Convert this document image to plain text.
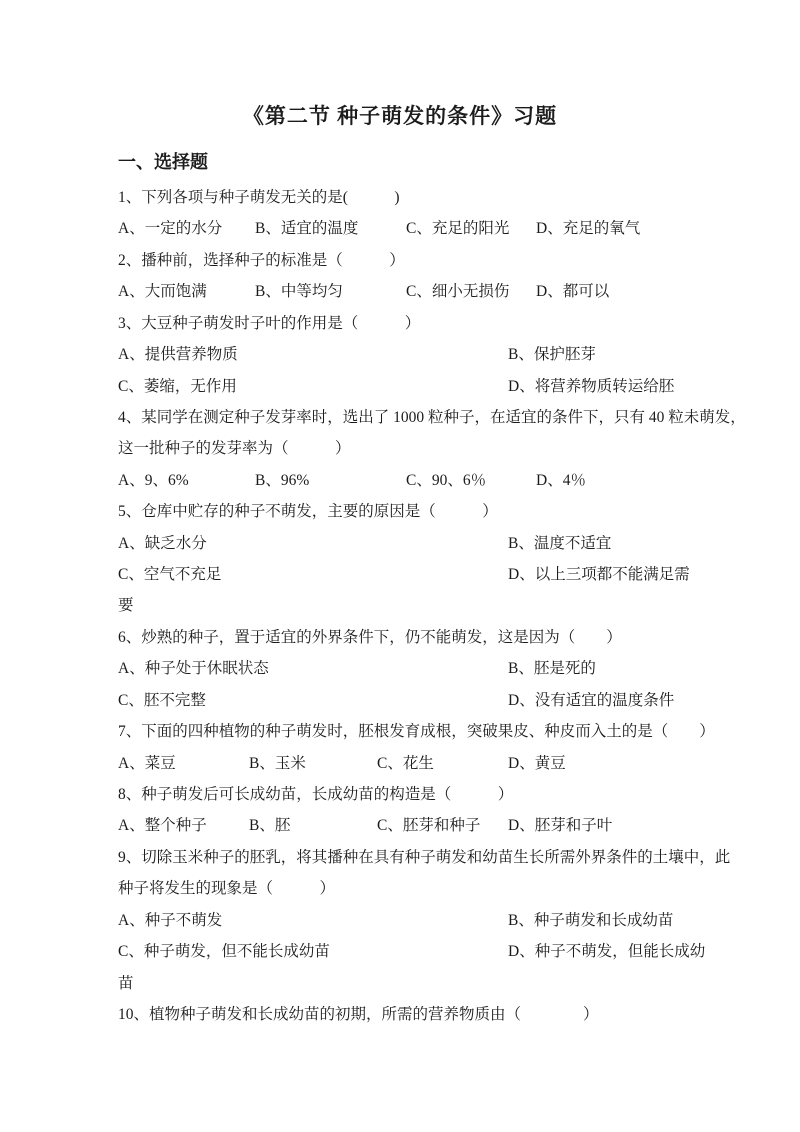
《第二节 种子萌发的条件》习题
一、选择题
1、下列各项与种子萌发无关的是(　　　)
A、一定的水分 B、适宜的温度	C、充足的阳光 D、充足的氧气
2、播种前，选择种子的标准是（　　　）
A、大而饱满	B、中等均匀	C、细小无损伤 D、都可以
3、大豆种子萌发时子叶的作用是（　　　）
A、提供营养物质	B、保护胚芽
C、萎缩，无作用	D、将营养物质转运给胚
4、某同学在测定种子发芽率时，选出了 1000 粒种子，在适宜的条件下，只有 40 粒未萌发，
这一批种子的发芽率为（　　　）
A、9、6%	B、96%	C、90、6％	D、4％
5、仓库中贮存的种子不萌发，主要的原因是（　　　）
A、缺乏水分	B、温度不适宜
C、空气不充足	D、以上三项都不能满足需
要
6、炒熟的种子，置于适宜的外界条件下，仍不能萌发，这是因为（　　）
A、种子处于休眠状态	B、胚是死的
C、胚不完整	D、没有适宜的温度条件
7、下面的四种植物的种子萌发时，胚根发育成根，突破果皮、种皮而入土的是（　　）
A、菜豆	B、玉米	C、花生	D、黄豆
8、种子萌发后可长成幼苗，长成幼苗的构造是（　　　）
A、整个种子	B、胚	C、胚芽和种子 D、胚芽和子叶
9、切除玉米种子的胚乳，将其播种在具有种子萌发和幼苗生长所需外界条件的土壤中，此
种子将发生的现象是（　　　）
A、种子不萌发	B、种子萌发和长成幼苗
C、种子萌发，但不能长成幼苗	D、种子不萌发，但能长成幼
苗
10、植物种子萌发和长成幼苗的初期，所需的营养物质由（　　　　）
